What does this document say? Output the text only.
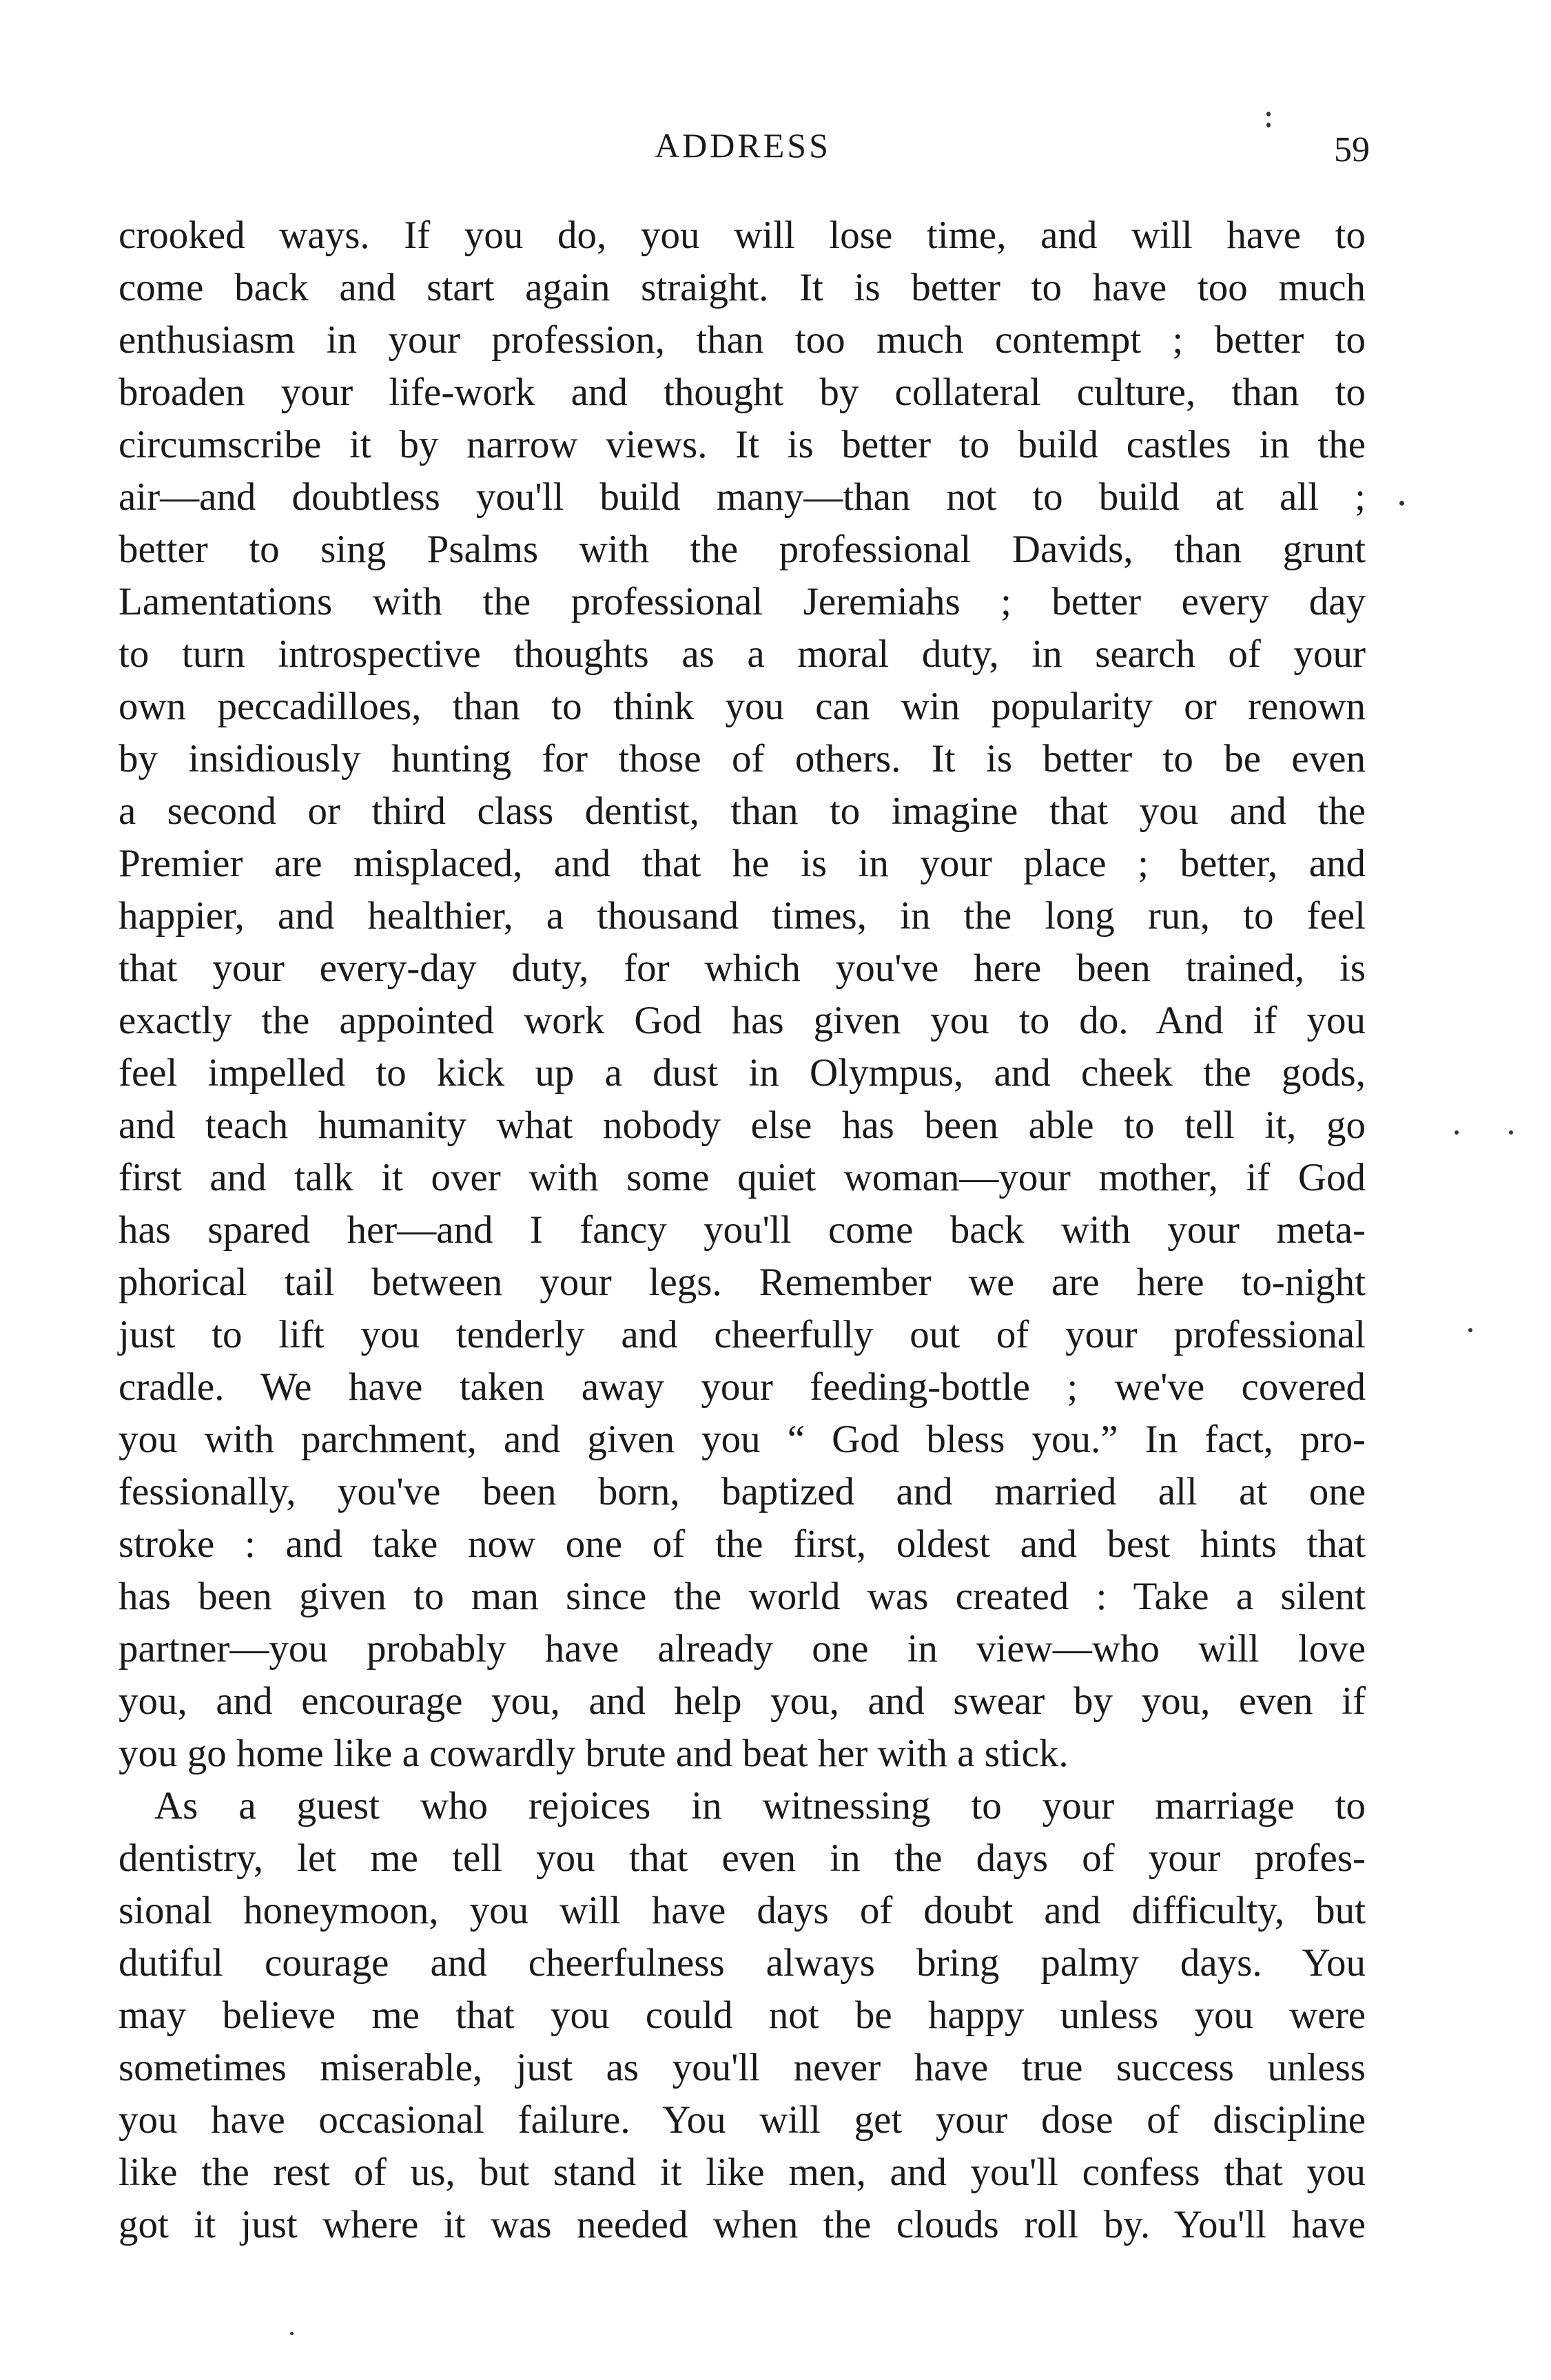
ADDRESS	59
crooked ways. If you do, you will lose time, and will have to
come back and start again straight. It is better to have too much
enthusiasm in your profession, than too much contempt ; better to
broaden your life-work and thought by collateral culture, than to
circumscribe it by narrow views. It is better to build castles in the
air—and doubtless you'll build many—than not to build at all ;
better to sing Psalms with the professional Davids, than grunt
Lamentations with the professional Jeremiahs ; better every day
to turn introspective thoughts as a moral duty, in search of your
own peccadilloes, than to think you can win popularity or renown
by insidiously hunting for those of others. It is better to be even
a second or third class dentist, than to imagine that you and the
Premier are misplaced, and that he is in your place ; better, and
happier, and healthier, a thousand times, in the long run, to feel
that your every-day duty, for which you've here been trained, is
exactly the appointed work God has given you to do. And if you
feel impelled to kick up a dust in Olympus, and cheek the gods,
and teach humanity what nobody else has been able to tell it, go
first and talk it over with some quiet woman—your mother, if God
has spared her—and I fancy you'll come back with your meta-
phorical tail between your legs. Remember we are here to-night
just to lift you tenderly and cheerfully out of your professional
cradle. We have taken away your feeding-bottle ; we've covered
you with parchment, and given you “ God bless you.” In fact, pro-
fessionally, you've been born, baptized and married all at one
stroke : and take now one of the first, oldest and best hints that
has been given to man since the world was created : Take a silent
partner—you probably have already one in view—who will love
you, and encourage you, and help you, and swear by you, even if
you go home like a cowardly brute and beat her with a stick.
As a guest who rejoices in witnessing to your marriage to
dentistry, let me tell you that even in the days of your profes-
sional honeymoon, you will have days of doubt and difficulty, but
dutiful courage and cheerfulness always bring palmy days. You
may believe me that you could not be happy unless you were
sometimes miserable, just as you'll never have true success unless
you have occasional failure. You will get your dose of discipline
like the rest of us, but stand it like men, and you'll confess that you
got it just where it was needed when the clouds roll by. You'll have
